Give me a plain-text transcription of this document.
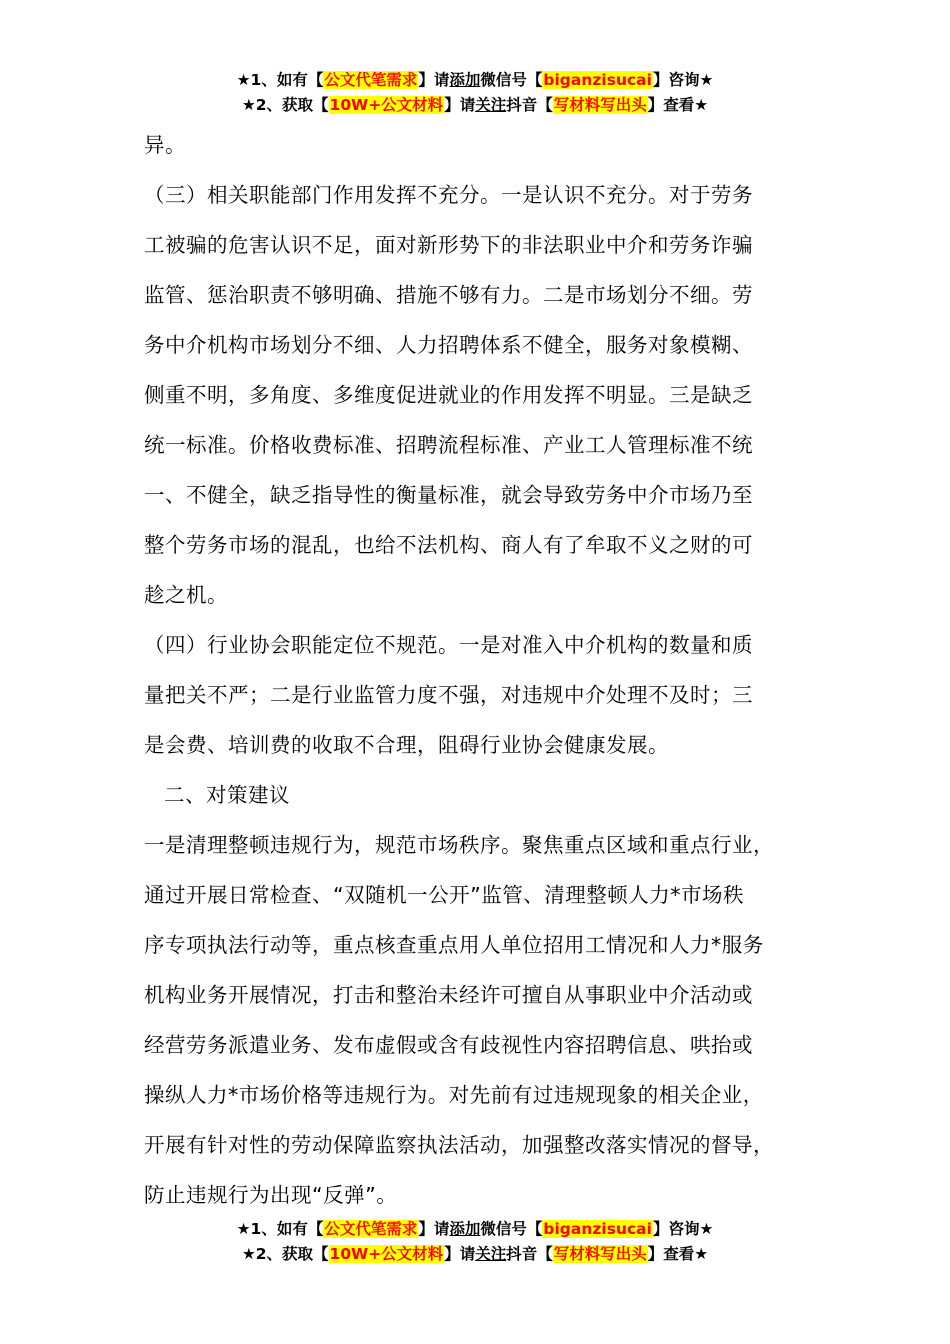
★1、如有【公文代笔需求】请添加微信号【biganzisucai】咨询★
★2、获取【10W+公文材料】请关注抖音【写材料写出头】查看★

异。

（三）相关职能部门作用发挥不充分。一是认识不充分。对于劳务

工被骗的危害认识不足，面对新形势下的非法职业中介和劳务诈骗

监管、惩治职责不够明确、措施不够有力。二是市场划分不细。劳

务中介机构市场划分不细、人力招聘体系不健全，服务对象模糊、

侧重不明，多角度、多维度促进就业的作用发挥不明显。三是缺乏

统一标准。价格收费标准、招聘流程标准、产业工人管理标准不统

一、不健全，缺乏指导性的衡量标准，就会导致劳务中介市场乃至

整个劳务市场的混乱，也给不法机构、商人有了牟取不义之财的可

趁之机。

（四）行业协会职能定位不规范。一是对准入中介机构的数量和质

量把关不严；二是行业监管力度不强，对违规中介处理不及时；三

是会费、培训费的收取不合理，阻碍行业协会健康发展。

二、对策建议

一是清理整顿违规行为，规范市场秩序。聚焦重点区域和重点行业，

通过开展日常检查、“双随机一公开”监管、清理整顿人力*市场秩

序专项执法行动等，重点核查重点用人单位招用工情况和人力*服务

机构业务开展情况，打击和整治未经许可擅自从事职业中介活动或

经营劳务派遣业务、发布虚假或含有歧视性内容招聘信息、哄抬或

操纵人力*市场价格等违规行为。对先前有过违规现象的相关企业，

开展有针对性的劳动保障监察执法活动，加强整改落实情况的督导，

防止违规行为出现“反弹”。

★1、如有【公文代笔需求】请添加微信号【biganzisucai】咨询★
★2、获取【10W+公文材料】请关注抖音【写材料写出头】查看★
